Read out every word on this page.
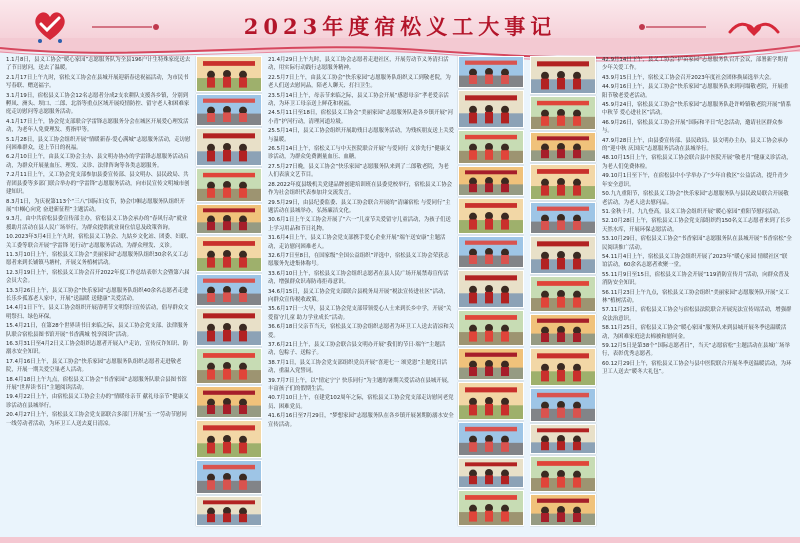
2023年度宿松义工大事记

1.1月8日，县义工协会“暖心家园”志愿服务队为全县196户计生特殊家庭送去了节日慰问，送去了温暖。

2.1月17日上午九时，宿松义工协会在县城开展迎新春送祝福活动，为市民书写春联、赠送福字。

3.1月19日，宿松县义工协会12名志愿者分成2支农耕队支援各乡镇，分别到孵凤、洲头、坝口、二郎、北浴等重点区域开展疫情防控、留守老人和困难家庭走访慰问等志愿服务活动。

4.1月17日上午，协会党支部联合学雷锋志愿服务分会在城区开展爱心理发活动，为老年人免费理发、剪指甲等。

5.1月28日，县义工协会组织开展“情暖新春·爱心满城”志愿服务活动，走访慰问困难群众，送上节日的祝福。

6.2月10日上午，由县义工协会主办、县文明办协办的学雷锋志愿服务活动启动，为群众开展量血压、理发、义诊、法律咨询等各类志愿服务。

7.2月11日上午，义工协会党支部参加县委宣传部、县文明办、县民政局、共青团县委等多部门联合举办的“学雷锋”志愿服务活动，向市民宣传文明城市创建知识。

8.3月1日，为庆祝第113个“三八”国际妇女节，协会巾帼志愿服务队组织开展“巾帼心向党 奋进新征程”主题活动。

9.3月，由中共宿松县委宣传部主办，宿松县义工协会承办的“春风行动”就业援助月活动在县人民广场举行，为群众提供就业岗位信息及政策咨询。

10.2023年3月4日上午九时，宿松县义工协会、九姑乡文化站、团委、妇联、关工委等联合开展“学雷锋 见行动”志愿服务活动，为群众理发、义诊。

11.3月10日上午，宿松县义工协会“美丽家园”志愿服务队组织30余名义工志愿者来到长铺镇马塘村，开展义务植树活动。

12.3月19日上午，宿松县义工协会召开2022年度工作总结表彰大会暨第六届会员大会。

13.3月26日上午，县义工协会“快乐家园”志愿服务队组织40余名志愿者走进长乐乡孤寡老人家中，开展“送温暖 送健康”关爱活动。

14.4月1日下午，县义工协会组织开展清明节文明祭扫宣传活动，倡导群众文明祭扫、绿色环保。

15.4月21日，在第28个世界读书日来临之际，县义工协会党支部、法律服务队联合宿松县图书馆开展“书香满城 悦享阅读”活动。

16.3月31日至4月2日义工协会组织志愿者开展入户走访，宣传反诈知识、防溺水安全知识。

17.4月16日上午，县义工协会“快乐家园”志愿服务队组织志愿者走进敬老院，开展一期关爱空巢老人活动。

18.4月18日上午九点，宿松县义工协会“书香家园”志愿服务队联合县图书馆开展“世界读书日”主题阅读活动。

19.4月22日上午，由宿松县义工协会主办的“情暖母亲节 献礼母亲节”健康义诊活动在县城举行。

20.4月27日上午，宿松县义工协会党支部联合多部门开展“五一”劳动节慰问一线劳动者活动，为环卫工人送去夏日清凉。

21.4月29日上午九时，县义工协会志愿者走进社区，开展劳动节义务清扫活动，用实际行动践行志愿服务精神。

22.5月7日上午，由县义工协会“快乐家园”志愿服务队组织义工到敬老院，为老人们送去慰问品，陪老人聊天、打扫卫生。

23.5月14日上午，母亲节来临之际，县义工协会开展“感恩母亲”孝老爱亲活动，为环卫工母亲送上鲜花和祝福。

24.5月11日至18日，宿松县义工协会“美丽家园”志愿服务队赴各乡镇开展“河小青”护河行动，清理河道垃圾。

25.5月14日，县义工协会组织开展助残日志愿服务活动，为残疾朋友送上关爱与温暖。

26.5月14日上午，宿松义工与中天医院联合开展“与爱同行 义诊先行”健康义诊活动，为群众免费测量血压、血糖。

27.5月27日晚，县义工协会“快乐家园”志愿服务队来到了二郎敬老院，为老人们表演文艺节目。

28.2022年度县级机关党建品牌创建培训班在县委党校举行，宿松县义工协会作为社会组织代表参加并交流发言。

29.5月29日，由县纪委监委、县义工协会联合开展的“清廉宿松 与爱同行”主题活动在县城举办，弘扬廉洁文化。

30.6月1日上午义工协会开展了“六一”儿童节关爱留守儿童活动，为孩子们送上学习用品和节日礼物。

31.6月4日上午，县义工协会党支部携手爱心企业开展“端午送安康”主题活动，走访慰问困难老人。

32.6月7日至8日，在国家级“全国公益组织”评选中，宿松县义工协会荣获志愿服务先进集体称号。

33.6月10日上午，宿松县义工协会组织志愿者在县人民广场开展禁毒宣传活动，增强群众识毒防毒拒毒意识。

34.6月15日，县义工协会党支部联合县税务局开展“税法宣传进社区”活动，向群众宣传税收政策。

35.6月17日一大早，县义工协会党支部带领爱心人士来到长乡中学，开展“关爱留守儿童 助力学业成长”活动。

36.6月18日父亲节当天，宿松县义工协会组织志愿者为环卫工人送去清凉和关爱。

37.6月21日上午，县义工协会联合县文明办开展“我们的节日·端午”主题活动，包粽子、送粽子。

38.7月1日，县义工协会党支部组织党员开展“喜迎七一 颂党恩”主题党日活动，重温入党誓词。

39.7月7日上午，以“情定宁宁 快乐同行”为主题的暑期关爱活动在县城开展，丰富孩子们的假期生活。

40.7月10日上午，在建党102周年之际，宿松县义工协会党支部走访慰问老党员、困难党员。

41.6月16日至7月29日，“梦想家园”志愿服务队在各乡镇开展暑期防溺水安全宣传活动。

42.9月14日下午，县义工协会“护苗家园”志愿服务队召开会议，部署新学期青少年关爱工作。

43.9月15日上午，宿松义工协会召开2023年度社会团体换届选举大会。

44.9月16日上午，县义工协会“快乐家园”志愿服务队来到河塌敬老院，开展重阳节敬老爱老活动。

45.9月24日，宿松县义工协会“快乐家园”志愿服务队赴许岭镇敬老院开展“情系中秋节 爱心进社区”活动。

46.9月26日，宿松县义工协会开展“国际和平日”纪念活动，邀请社区群众参与。

47.9月28日上午，由县委宣传部、县民政局、县文明办主办，县义工协会承办的“迎中秋 庆国庆”志愿服务活动在县城举行。

48.10月15日上午，宿松县义工协会联合县中医院开展“敬老月”健康义诊活动，为老人们免费体检。

49.10月1日至下午，在宿松县中小学举办了“少年自救区”公益活动，提升青少年安全意识。

50.九九重阳节，宿松县义工协会“快乐家园”志愿服务队与县民政局联合开展敬老活动，为老人送去慰问品。

51.金秋十月，九九登高，县义工协会组织开展“暖心家园”重阳节慰问活动。

52.10月28日上午，宿松县义工协会党支部组织约150名义工志愿者来到了长乡天然水库，开展环保志愿活动。

53.10月29日，宿松县义工协会“书香家园”志愿服务队在县城开展“书香宿松”全民阅读推广活动。

54.11月4日上午，宿松县义工协会组织开展了2023年“暖心家园 情暖社区”联谊活动，60余名志愿者欢聚一堂。

55.11月9日至15日，宿松县义工协会开展“119消防宣传月”活动，向群众普及消防安全知识。

56.11月23日上午九点，宿松县义工协会组织“美丽家园”志愿服务队开展“义工林”植树活动。

57.11月25日，宿松县义工协会与宿松县法院联合开展宪法宣传周活动，增强群众法治意识。

58.11月25日，宿松县义工协会“暖心家园”服务队来到县城开展冬季送温暖活动，为困难家庭送去棉被和慰问金。

59.12月5日是第38个“国际志愿者日”，当天“志愿宿松”主题活动在县城广场举行，表彰优秀志愿者。

60.12月29日上午，宿松县义工协会与县中医院联合开展冬季送温暖活动，为环卫工人送去“暖冬大礼包”。
